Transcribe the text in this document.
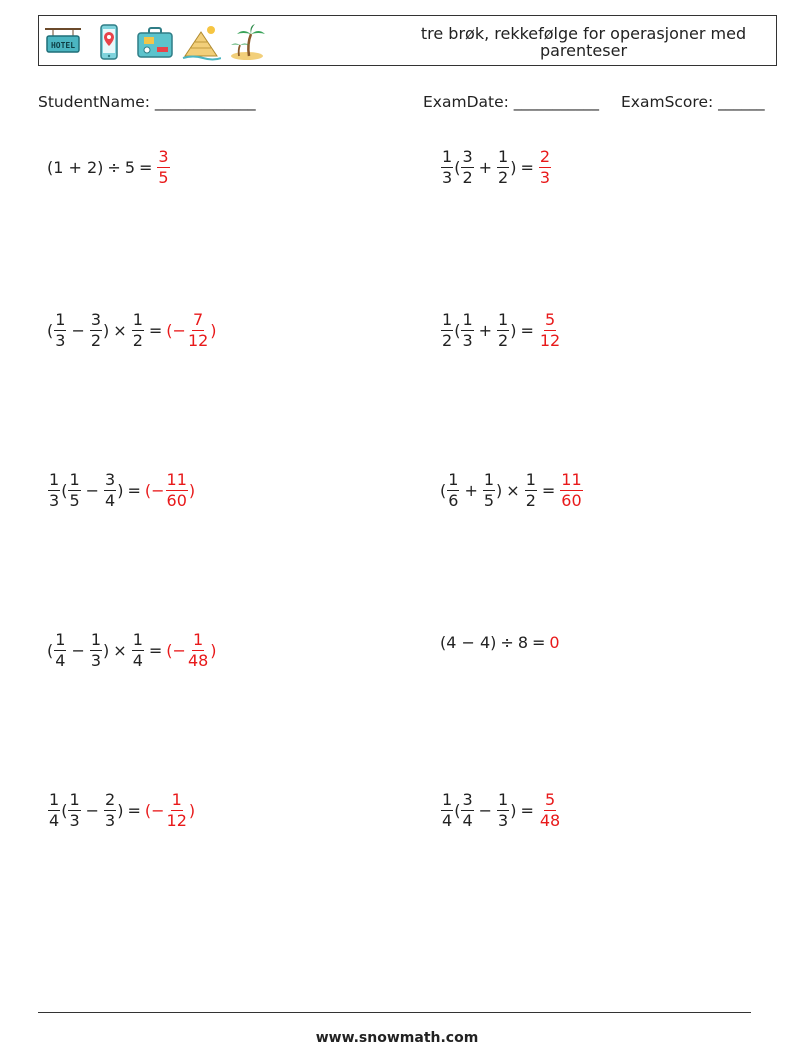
HOTEL
tre brøk, rekkefølge for operasjoner med parenteser
StudentName: _____________	ExamDate: ___________ ExamScore: ______
$(1 + 2) \div 5 = \frac{3}{5}$	$\frac{1}{3}$ ( $\frac{3}{2} + \frac{1}{2}$ ) = $\frac{2}{3}$
( $\frac{1}{3} - \frac{3}{2}$ ) × $\frac{1}{2}$ = (− $\frac{7}{12}$ )	$\frac{1}{2}$ ( $\frac{1}{3} + \frac{1}{2}$ ) = $\frac{5}{12}$
$\frac{1}{3}$ ( $\frac{1}{5} - \frac{3}{4}$ ) = (− $\frac{11}{60}$ )	( $\frac{1}{6} + \frac{1}{5}$ ) × $\frac{1}{2} = \frac{11}{60}$
( $\frac{1}{4} - \frac{1}{3}$ ) × $\frac{1}{4}$ = (− $\frac{1}{48}$ )	(4 − 4) ÷ 8 = 0
$\frac{1}{4}$ ( $\frac{1}{3} - \frac{2}{3}$ ) = (− $\frac{1}{12}$ )	$\frac{1}{4}$ ( $\frac{3}{4} - \frac{1}{3}$ ) = $\frac{5}{48}$
www.snowmath.com
